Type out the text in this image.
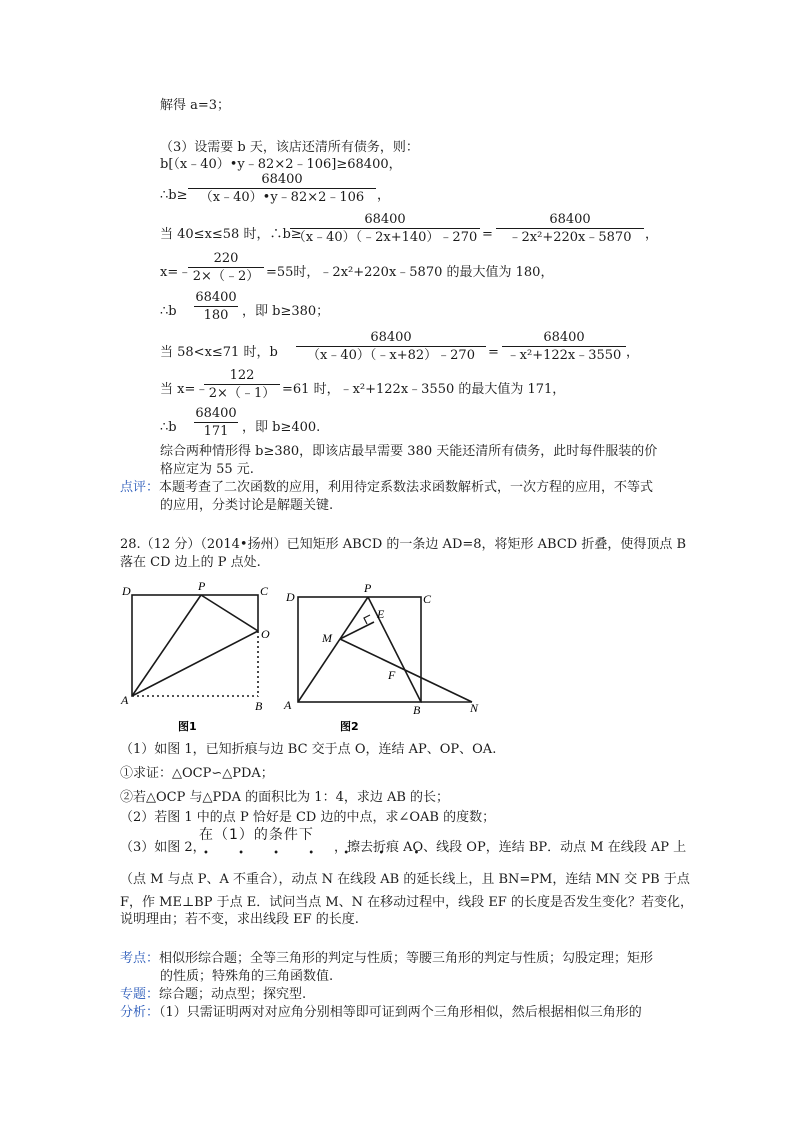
解得 a=3；
（3）设需要 b 天，该店还清所有债务，则：
b[（x﹣40）•y﹣82×2﹣106]≥68400，
∴b≥
68400
（x﹣40）•y﹣82×2﹣106 ，
当 40≤x≤58 时，∴b≥
68400
（x﹣40）（﹣2x+140）﹣270 =
68400
﹣2x²+220x﹣5870	，
x=﹣
220
2×（﹣2） =55时，﹣2x²+220x﹣5870 的最大值为 180，
∴b
68400
180	，即 b≥380；
当 58<x≤71 时，b
68400
（x﹣40）（﹣x+82）﹣270	=
68400
﹣x²+122x﹣3550 ，
当 x=﹣
122
2×（﹣1） =61 时，﹣x²+122x﹣3550 的最大值为 171，
∴b
68400
171	，即 b≥400.
综合两种情形得 b≥380，即该店最早需要 380 天能还清所有债务，此时每件服装的价
格应定为 55 元.
点评：本题考查了二次函数的应用，利用待定系数法求函数解析式，一次方程的应用，不等式
的应用，分类讨论是解题关键.
28.（12 分）（2014•扬州）已知矩形 ABCD 的一条边 AD=8，将矩形 ABCD 折叠，使得顶点 B
落在 CD 边上的 P 点处.
D	P	C
O
A	B
图1
D
P
C
E
M
F
A	B	N
图2
（1）如图 1，已知折痕与边 BC 交于点 O，连结 AP、OP、OA.
①求证：△OCP∽△PDA；
②若△OCP 与△PDA 的面积比为 1：4，求边 AB 的长；
（2）若图 1 中的点 P 恰好是 CD 边的中点，求∠OAB 的度数；
（3）如图 2，
在（1）的条件下
• • • • • • •
，擦去折痕 AO、线段 OP，连结 BP．动点 M 在线段 AP 上
（点 M 与点 P、A 不重合），动点 N 在线段 AB 的延长线上，且 BN=PM，连结 MN 交 PB 于点
F，作 ME⊥BP 于点 E．试问当点 M、N 在移动过程中，线段 EF 的长度是否发生变化？若变化，
说明理由；若不变，求出线段 EF 的长度.
考点：相似形综合题；全等三角形的判定与性质；等腰三角形的判定与性质；勾股定理；矩形
的性质；特殊角的三角函数值.
专题：综合题；动点型；探究型.
分析：（1）只需证明两对对应角分别相等即可证到两个三角形相似，然后根据相似三角形的
